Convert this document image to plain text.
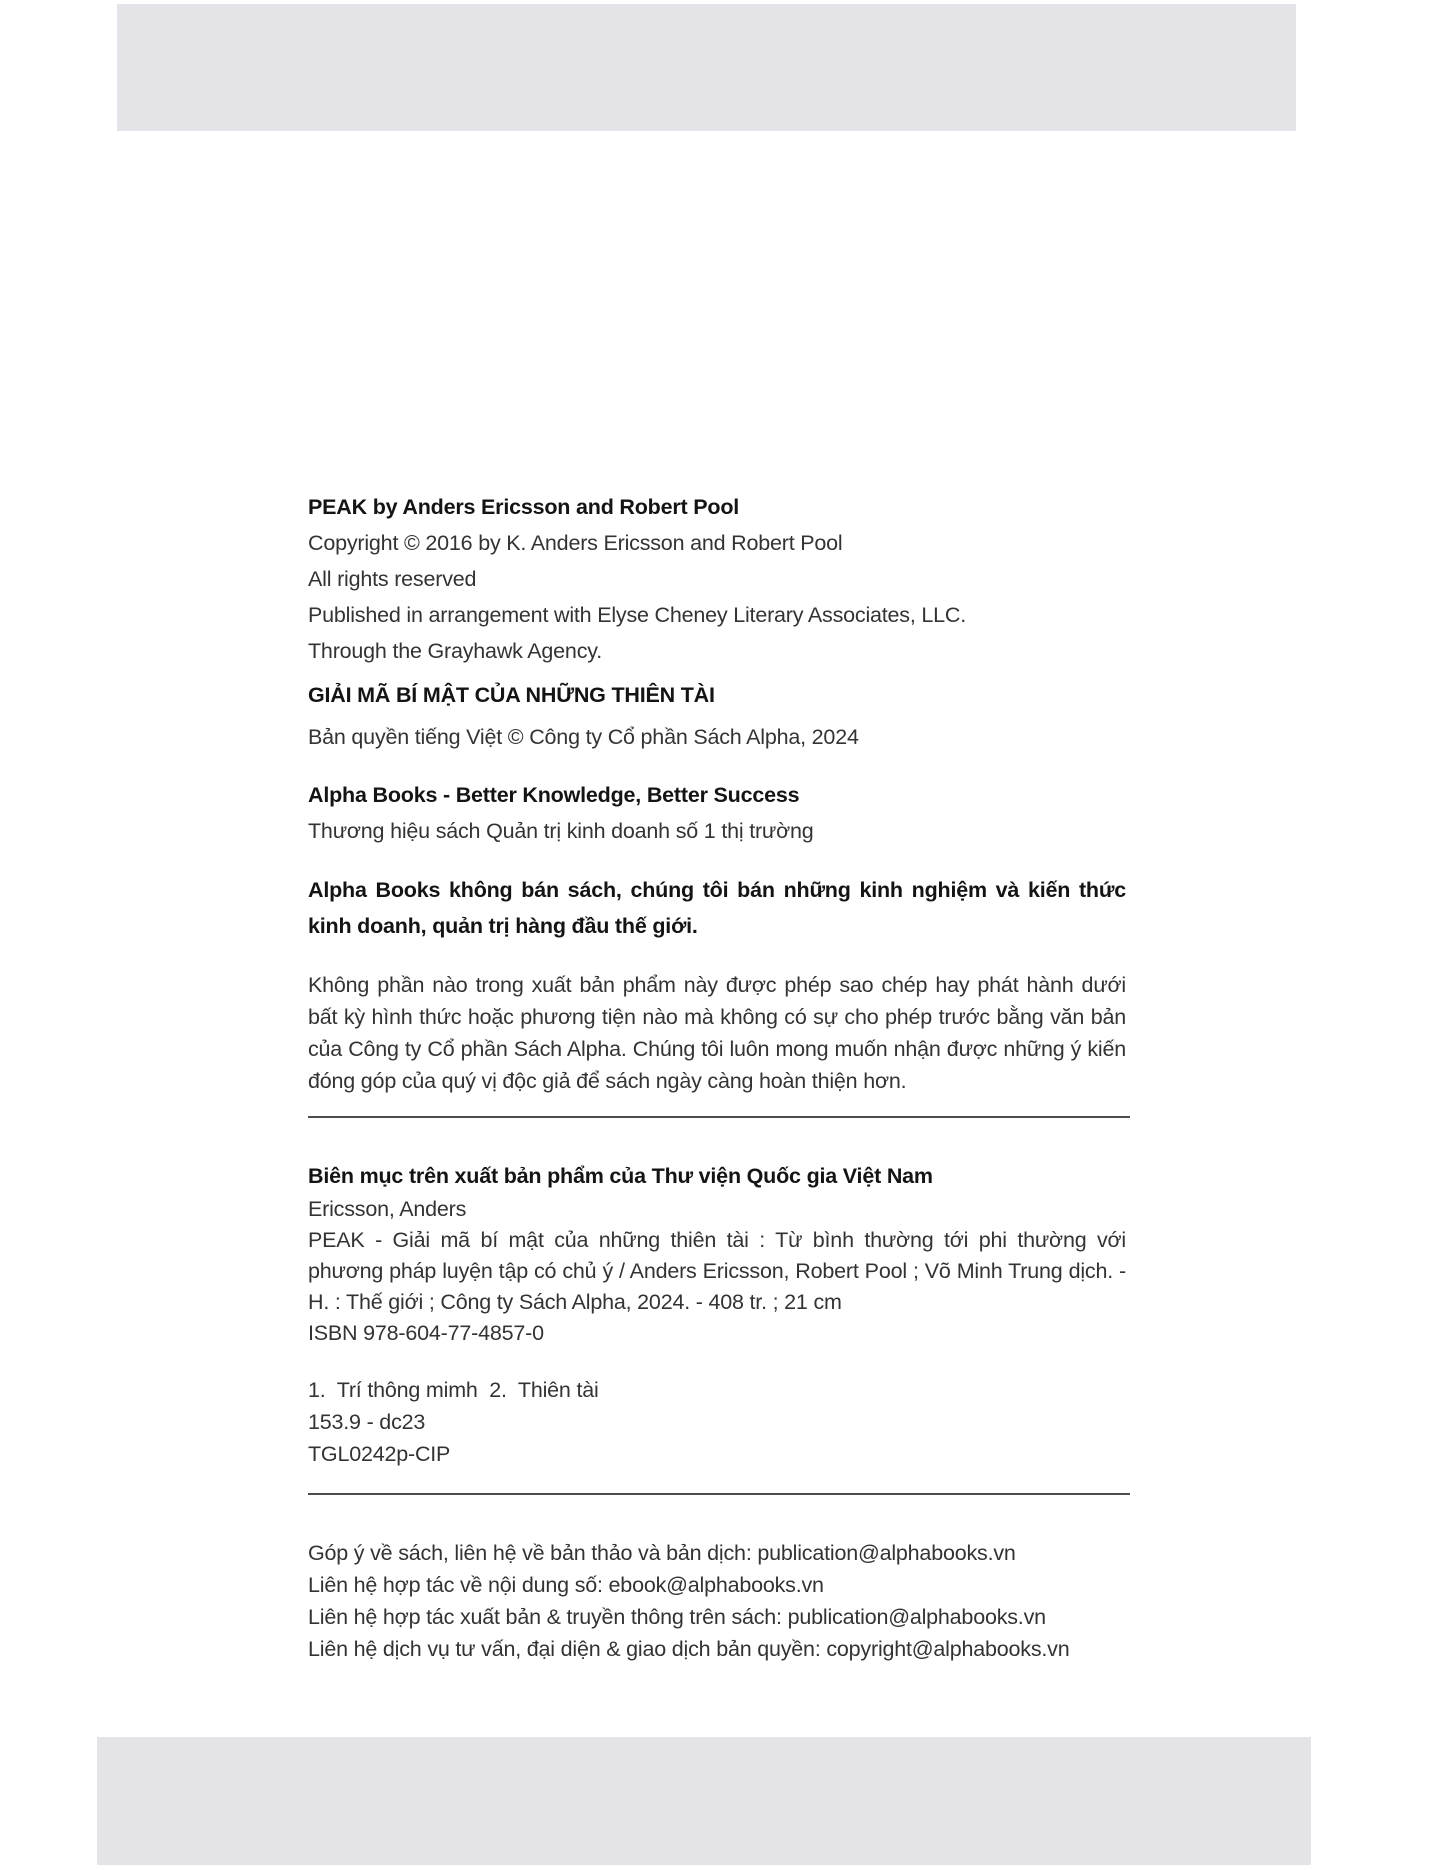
PEAK by Anders Ericsson and Robert Pool
Copyright © 2016 by K. Anders Ericsson and Robert Pool
All rights reserved
Published in arrangement with Elyse Cheney Literary Associates, LLC.
Through the Grayhawk Agency.
GIẢI MÃ BÍ MẬT CỦA NHỮNG THIÊN TÀI
Bản quyền tiếng Việt © Công ty Cổ phần Sách Alpha, 2024
Alpha Books - Better Knowledge, Better Success
Thương hiệu sách Quản trị kinh doanh số 1 thị trường
Alpha Books không bán sách, chúng tôi bán những kinh nghiệm và kiến thức kinh doanh, quản trị hàng đầu thế giới.
Không phần nào trong xuất bản phẩm này được phép sao chép hay phát hành dưới bất kỳ hình thức hoặc phương tiện nào mà không có sự cho phép trước bằng văn bản của Công ty Cổ phần Sách Alpha. Chúng tôi luôn mong muốn nhận được những ý kiến đóng góp của quý vị độc giả để sách ngày càng hoàn thiện hơn.
Biên mục trên xuất bản phẩm của Thư viện Quốc gia Việt Nam
Ericsson, Anders
PEAK - Giải mã bí mật của những thiên tài : Từ bình thường tới phi thường với phương pháp luyện tập có chủ ý / Anders Ericsson, Robert Pool ; Võ Minh Trung dịch. - H. : Thế giới ; Công ty Sách Alpha, 2024. - 408 tr. ; 21 cm
ISBN 978-604-77-4857-0
1.  Trí thông mimh  2.  Thiên tài
153.9 - dc23
TGL0242p-CIP
Góp ý về sách, liên hệ về bản thảo và bản dịch: publication@alphabooks.vn
Liên hệ hợp tác về nội dung số: ebook@alphabooks.vn
Liên hệ hợp tác xuất bản & truyền thông trên sách: publication@alphabooks.vn
Liên hệ dịch vụ tư vấn, đại diện & giao dịch bản quyền: copyright@alphabooks.vn
